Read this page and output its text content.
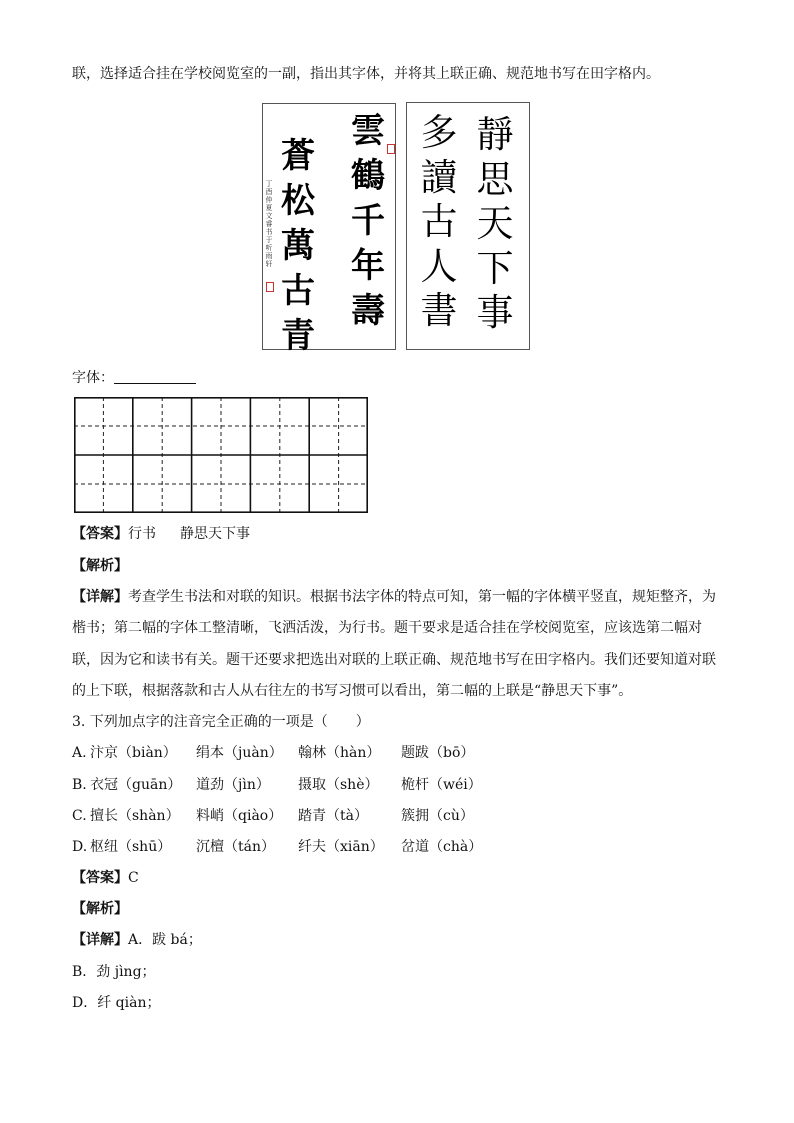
联，选择适合挂在学校阅览室的一副，指出其字体，并将其上联正确、规范地书写在田字格内。
雲
鶴
千
年
壽
蒼
松
萬
古
青
丁酉仲夏文睿书于听雨轩
靜
思
天
下
事
多
讀
古
人
書
字体：
【答案】行书 静思天下事
【解析】
【详解】考查学生书法和对联的知识。根据书法字体的特点可知，第一幅的字体横平竖直，规矩整齐，为
楷书；第二幅的字体工整清晰，飞洒活泼，为行书。题干要求是适合挂在学校阅览室，应该选第二幅对
联，因为它和读书有关。题干还要求把选出对联的上联正确、规范地书写在田字格内。我们还要知道对联
的上下联，根据落款和古人从右往左的书写习惯可以看出，第二幅的上联是“静思天下事”。
3. 下列加点字的注音完全正确的一项是（　　）
A. 汴京（biàn） 绢本（juàn） 翰林（hàn） 题跋（bō）
B. 衣冠（guān） 道劲（jìn） 摄取（shè） 桅杆（wéi）
C. 擅长（shàn） 料峭（qiào） 踏青（tà） 簇拥（cù）
D. 枢纽（shū） 沉檀（tán） 纤夫（xiān） 岔道（chà）
【答案】C
【解析】
【详解】A．跋 bá；
B．劲 jìng；
D．纤 qiàn；
